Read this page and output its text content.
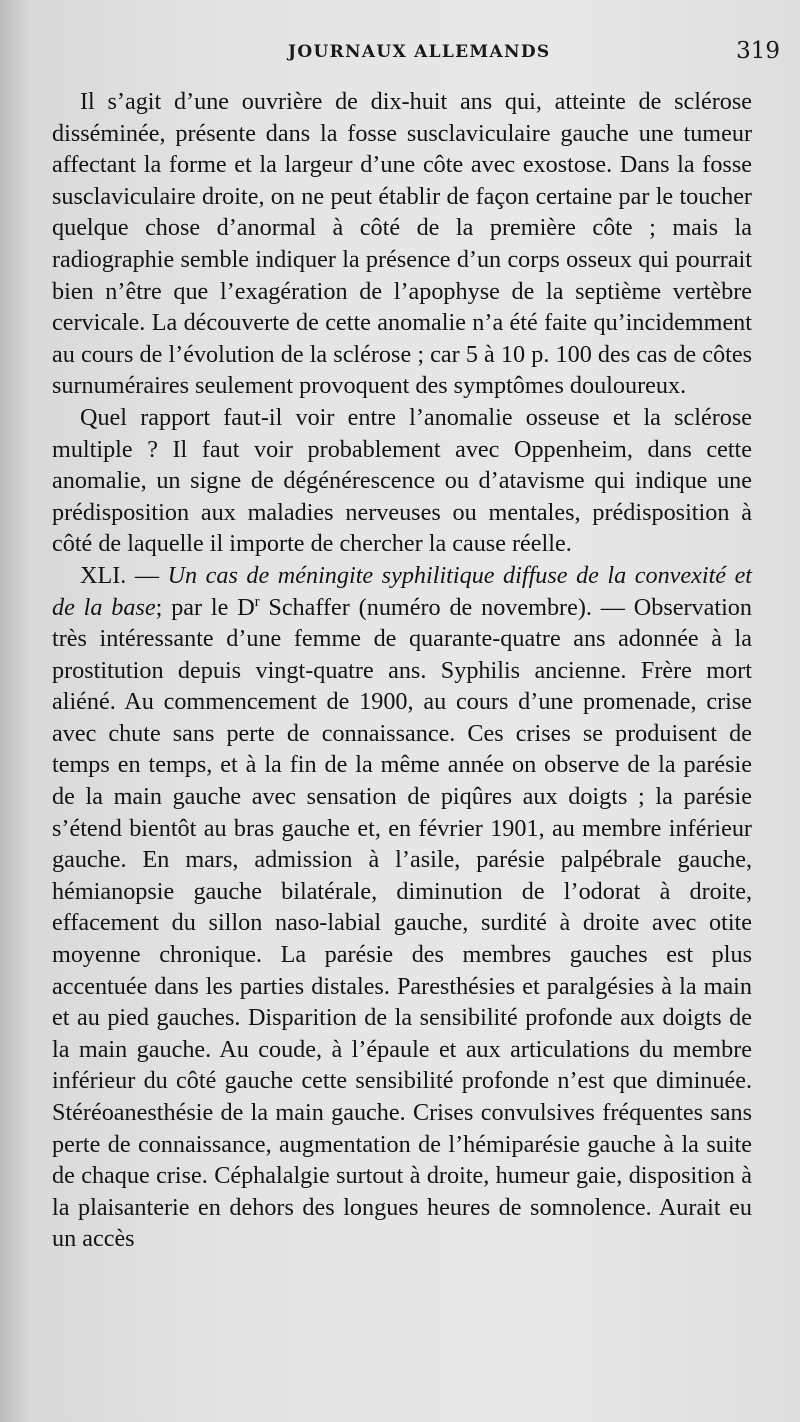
JOURNAUX ALLEMANDS	319

Il s’agit d’une ouvrière de dix-huit ans qui, atteinte de sclérose disséminée, présente dans la fosse susclaviculaire gauche une tumeur affectant la forme et la largeur d’une côte avec exostose. Dans la fosse susclaviculaire droite, on ne peut établir de façon certaine par le toucher quelque chose d’anormal à côté de la première côte ; mais la radiographie semble indiquer la présence d’un corps osseux qui pourrait bien n’être que l’exagération de l’apophyse de la septième vertèbre cervicale. La découverte de cette anomalie n’a été faite qu’incidemment au cours de l’évolution de la sclérose ; car 5 à 10 p. 100 des cas de côtes surnuméraires seulement provoquent des symptômes douloureux.

Quel rapport faut-il voir entre l’anomalie osseuse et la sclérose multiple ? Il faut voir probablement avec Oppenheim, dans cette anomalie, un signe de dégénérescence ou d’atavisme qui indique une prédisposition aux maladies nerveuses ou mentales, prédisposition à côté de laquelle il importe de chercher la cause réelle.

XLI. — Un cas de méningite syphilitique diffuse de la convexité et de la base; par le $D^r$ Schaffer (numéro de novembre). — Observation très intéressante d’une femme de quarante-quatre ans adonnée à la prostitution depuis vingt-quatre ans. Syphilis ancienne. Frère mort aliéné. Au commencement de 1900, au cours d’une promenade, crise avec chute sans perte de connaissance. Ces crises se produisent de temps en temps, et à la fin de la même année on observe de la parésie de la main gauche avec sensation de piqûres aux doigts ; la parésie s’étend bientôt au bras gauche et, en février 1901, au membre inférieur gauche. En mars, admission à l’asile, parésie palpébrale gauche, hémianopsie gauche bilatérale, diminution de l’odorat à droite, effacement du sillon naso-labial gauche, surdité à droite avec otite moyenne chronique. La parésie des membres gauches est plus accentuée dans les parties distales. Paresthésies et paralgésies à la main et au pied gauches. Disparition de la sensibilité profonde aux doigts de la main gauche. Au coude, à l’épaule et aux articulations du membre inférieur du côté gauche cette sensibilité profonde n’est que diminuée. Stéréoanesthésie de la main gauche. Crises convulsives fréquentes sans perte de connaissance, augmentation de l’hémiparésie gauche à la suite de chaque crise. Céphalalgie surtout à droite, humeur gaie, disposition à la plaisanterie en dehors des longues heures de somnolence. Aurait eu un accès
